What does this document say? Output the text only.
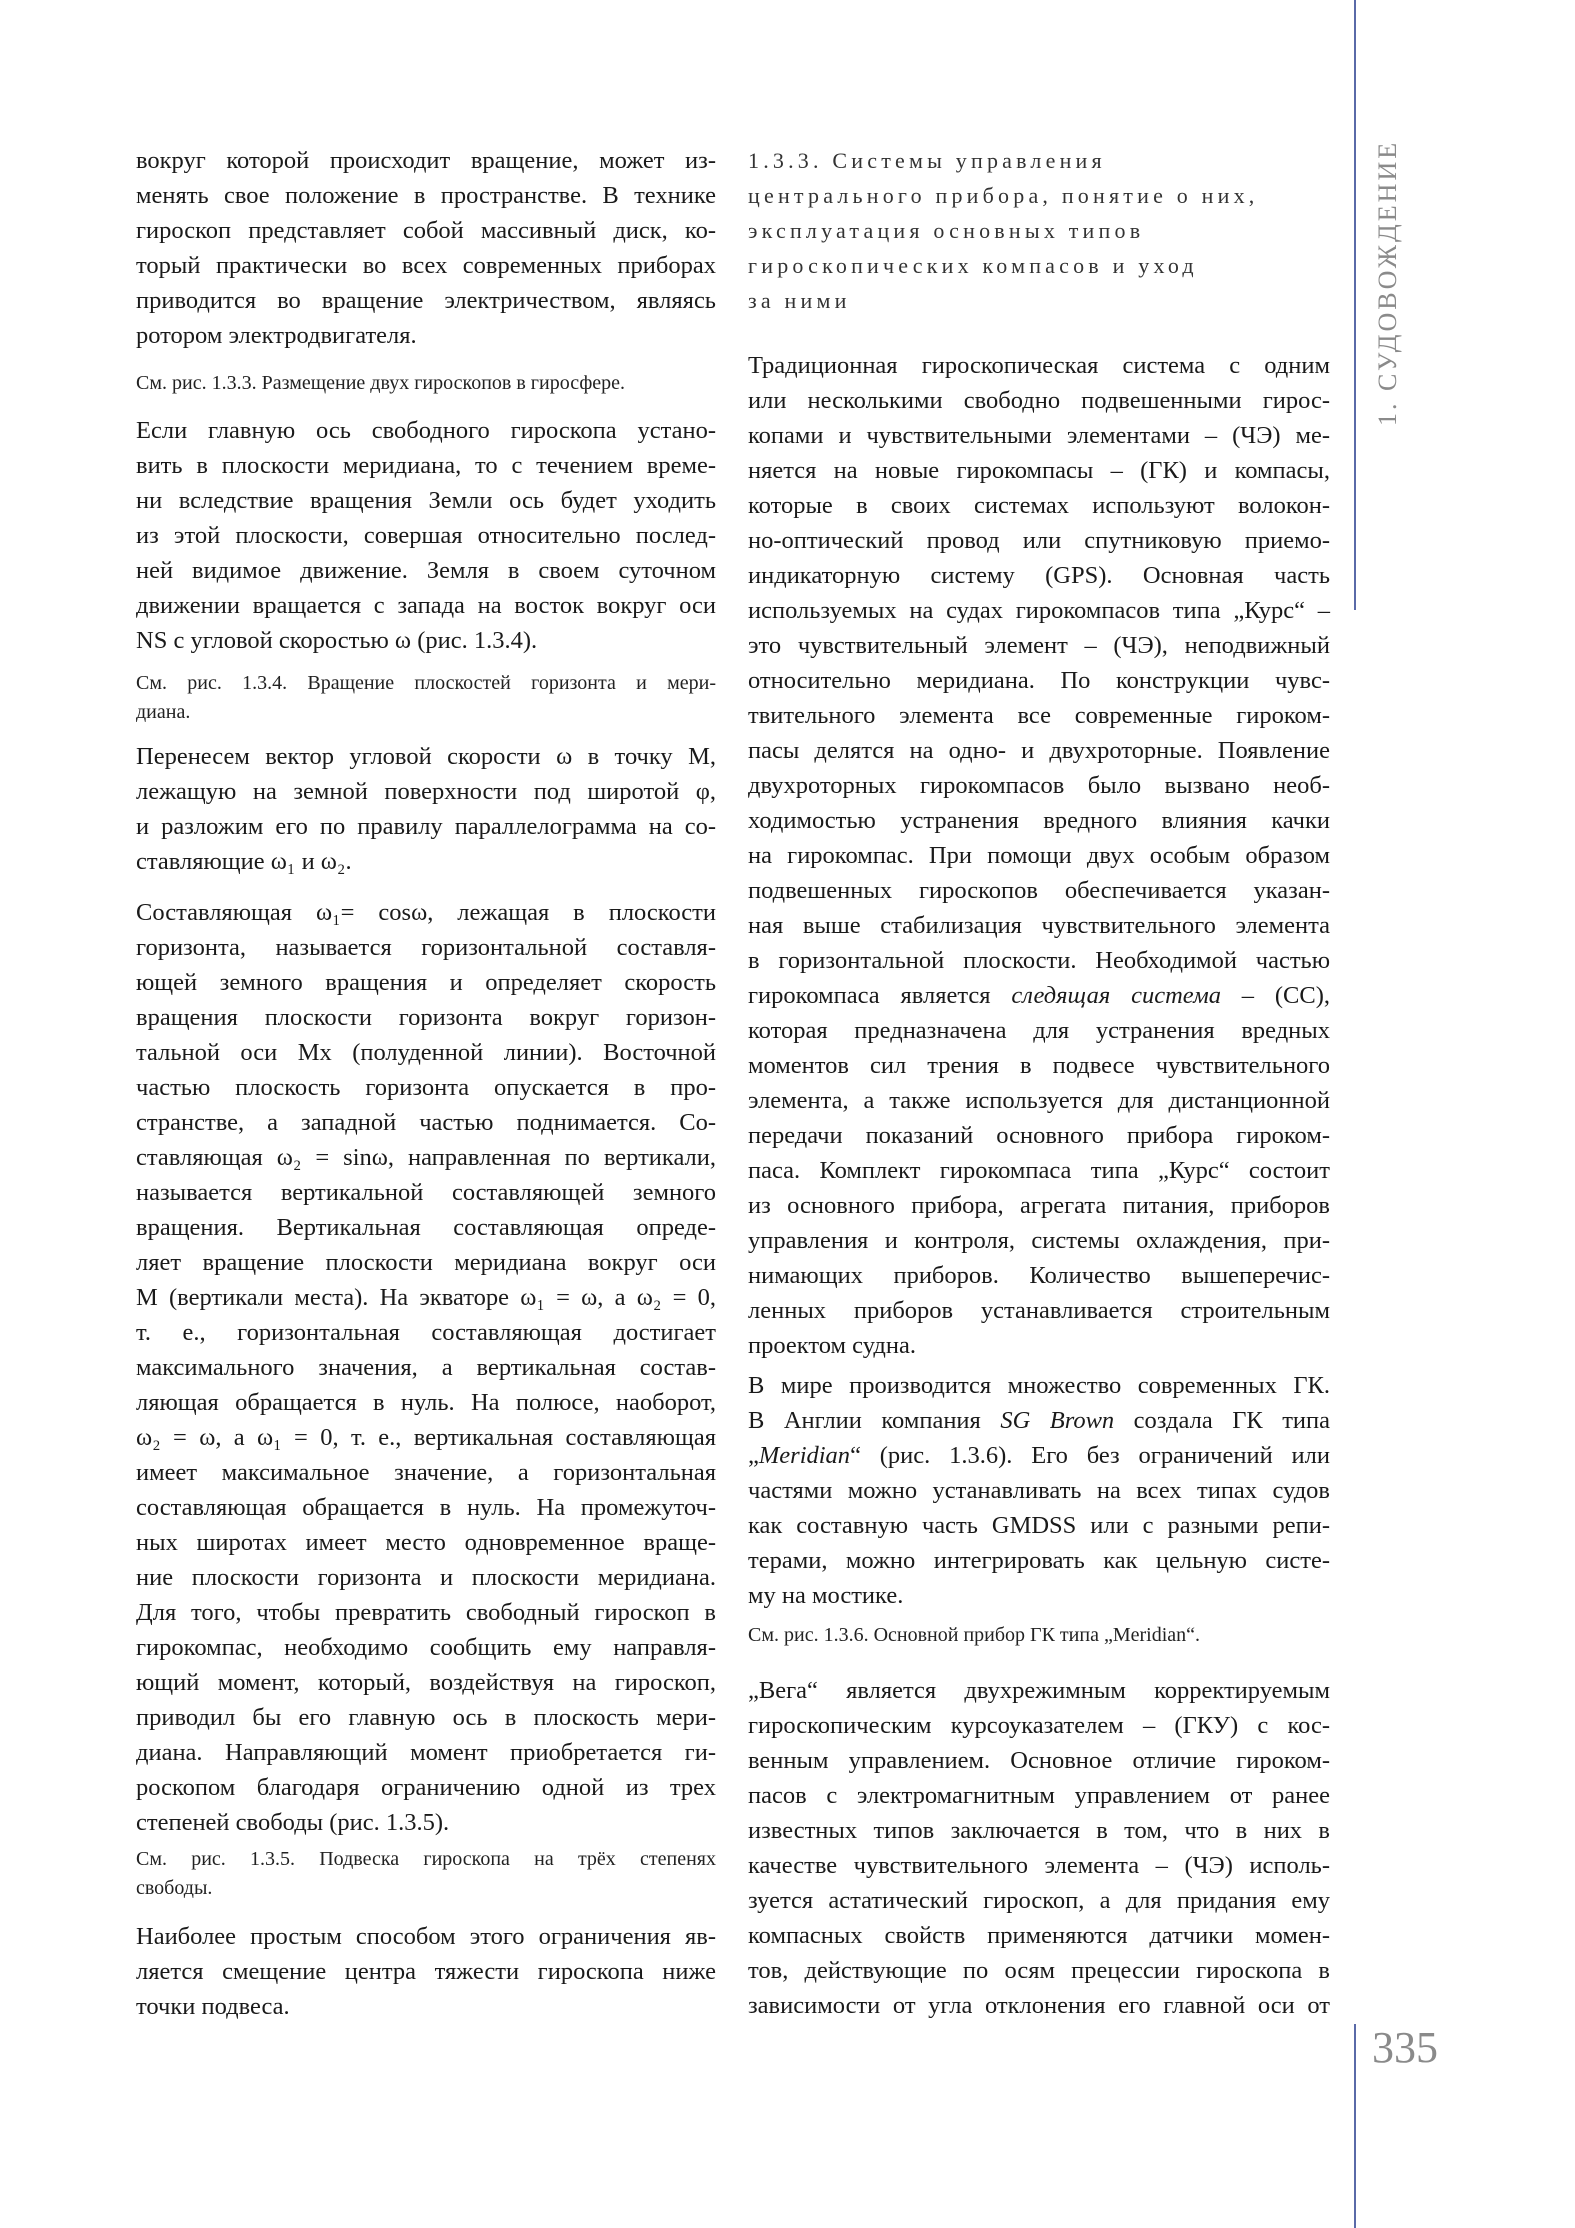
1. СУДОВОЖДЕНИЕ
335
вокруг которой происходит вращение, может из-
менять свое положение в пространстве. В технике
гироскоп представляет собой массивный диск, ко-
торый практически во всех современных приборах
приводится во вращение электричеством, являясь
ротором электродвигателя.
См. рис. 1.3.3. Размещение двух гироскопов в гиросфере.
Если главную ось свободного гироскопа устано-
вить в плоскости меридиана, то с течением време-
ни вследствие вращения Земли ось будет уходить
из этой плоскости, совершая относительно послед-
ней видимое движение. Земля в своем суточном
движении вращается с запада на восток вокруг оси
NS с угловой скоростью ω (рис. 1.3.4).
См. рис. 1.3.4. Вращение плоскостей горизонта и мери-
диана.
Перенесем вектор угловой скорости ω в точку М,
лежащую на земной поверхности под широтой φ,
и разложим его по правилу параллелограмма на со-
ставляющие ω₁ и ω₂.
Составляющая ω₁= cosω, лежащая в плоскости
горизонта, называется горизонтальной составля-
ющей земного вращения и определяет скорость
вращения плоскости горизонта вокруг горизон-
тальной оси Mx (полуденной линии). Восточной
частью плоскость горизонта опускается в про-
странстве, а западной частью поднимается. Со-
ставляющая ω₂ = sinω, направленная по вертикали,
называется вертикальной составляющей земного
вращения. Вертикальная составляющая опреде-
ляет вращение плоскости меридиана вокруг оси
М (вертикали места). На экваторе ω₁ = ω, а ω₂ = 0,
т. е., горизонтальная составляющая достигает
максимального значения, а вертикальная состав-
ляющая обращается в нуль. На полюсе, наоборот,
ω₂ = ω, а ω₁ = 0, т. е., вертикальная составляющая
имеет максимальное значение, а горизонтальная
составляющая обращается в нуль. На промежуточ-
ных широтах имеет место одновременное враще-
ние плоскости горизонта и плоскости меридиана.
Для того, чтобы превратить свободный гироскоп в
гирокомпас, необходимо сообщить ему направля-
ющий момент, который, воздействуя на гироскоп,
приводил бы его главную ось в плоскость мери-
диана. Направляющий момент приобретается ги-
роскопом благодаря ограничению одной из трех
степеней свободы (рис. 1.3.5).
См. рис. 1.3.5. Подвеска гироскопа на трёх степенях
свободы.
Наиболее простым способом этого ограничения яв-
ляется смещение центра тяжести гироскопа ниже
точки подвеса.
1.3.3. Системы управления
центрального прибора, понятие о них,
эксплуатация основных типов
гироскопических компасов и уход
за ними
Традиционная гироскопическая система с одним
или несколькими свободно подвешенными гирос-
копами и чувствительными элементами – (ЧЭ) ме-
няется на новые гирокомпасы – (ГК) и компасы,
которые в своих системах используют волокон-
но-оптический провод или спутниковую приемо-
индикаторную систему (GPS). Основная часть
используемых на судах гирокомпасов типа „Курс“ –
это чувствительный элемент – (ЧЭ), неподвижный
относительно меридиана. По конструкции чувс-
твительного элемента все современные гироком-
пасы делятся на одно- и двухроторные. Появление
двухроторных гирокомпасов было вызвано необ-
ходимостью устранения вредного влияния качки
на гирокомпас. При помощи двух особым образом
подвешенных гироскопов обеспечивается указан-
ная выше стабилизация чувствительного элемента
в горизонтальной плоскости. Необходимой частью
гирокомпаса является следящая система – (СС),
которая предназначена для устранения вредных
моментов сил трения в подвесе чувствительного
элемента, а также используется для дистанционной
передачи показаний основного прибора гироком-
паса. Комплект гирокомпаса типа „Курс“ состоит
из основного прибора, агрегата питания, приборов
управления и контроля, системы охлаждения, при-
нимающих приборов. Количество вышеперечис-
ленных приборов устанавливается строительным
проектом судна.
В мире производится множество современных ГК.
В Англии компания SG Brown создала ГК типа
„Meridian“ (рис. 1.3.6). Его без ограничений или
частями можно устанавливать на всех типах судов
как составную часть GMDSS или с разными репи-
терами, можно интегрировать как цельную систе-
му на мостике.
См. рис. 1.3.6. Основной прибор ГК типа „Meridian“.
„Вега“ является двухрежимным корректируемым
гироскопическим курсоуказателем – (ГКУ) с кос-
венным управлением. Основное отличие гироком-
пасов с электромагнитным управлением от ранее
известных типов заключается в том, что в них в
качестве чувствительного элемента – (ЧЭ) исполь-
зуется астатический гироскоп, а для придания ему
компасных свойств применяются датчики момен-
тов, действующие по осям прецессии гироскопа в
зависимости от угла отклонения его главной оси от
